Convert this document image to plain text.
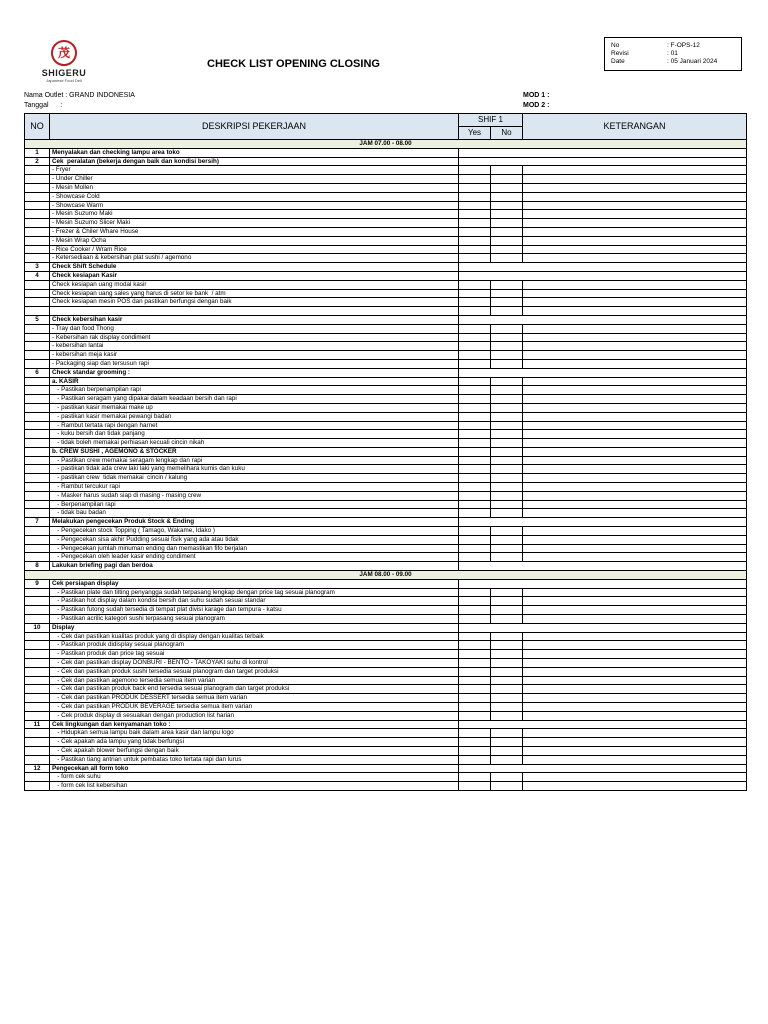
茂
SHIGERU
Japanese Food Deli
CHECK LIST OPENING CLOSING
No	: F-OPS-12
Revisi	: 01
Date	: 05 Januari 2024
Nama Outlet : GRAND INDONESIA
Tanggal      :
MOD 1 :
MOD 2 :
NO	DESKRIPSI PEKERJAAN	SHIF 1		KETERANGAN
		Yes	No	
JAM 07.00 - 08.00				
1	Menyalakan dan checking lampu area toko			
2	Cek  peralatan (bekerja dengan baik dan kondisi bersih)			
	- Fryer			
	- Under Chiller			
	- Mesin Mollen			
	- Showcase Cold			
	- Showcase Warm			
	- Mesin Suzumo Maki			
	- Mesin Suzumo Slicer Maki			
	- Frezer & Chiler Whare House			
	- Mesin Wrap Ocha			
	- Rice Cooker / Wram Rice			
	- Ketersediaan & kebersihan plat sushi / agemono			
3	Check Shift Schedule			
4	Check kesiapan Kasir			
	Check kesiapan uang modal kasir			
	Check kesiapan uang sales yang harus di setor ke bank  / atm			
	Check kesiapan mesin POS dan pastikan berfungsi dengan baik			

5	Check kebersihan kasir			
	- Tray dan food Thong			
	- Kebersihan rak display condiment			
	- kebersihan lantai			
	- kebersihan meja kasir			
	- Packaging siap dan tersusun rapi			
6	Check standar grooming :			
	a. KASIR			
	- Pastikan berpenampilan rapi			
	- Pastikan seragam yang dipakai dalam keadaan bersih dan rapi			
	- pastikan kasir memakai make up			
	- pastikan kasir memakai pewangi badan			
	- Rambut tertata rapi dengan harnet			
	- kuku bersih dan tidak panjang			
	- tidak boleh memakai perhiasan kecuali cincin nikah			
	b. CREW SUSHI , AGEMONO & STOCKER			
	- Pastikan crew memakai seragam lengkap dan rapi			
	- pastikan tidak ada crew laki laki yang memelihara kumis dan kuku			
	- pastikan crew  tidak memakai  cincin / kalung			
	- Rambut tercukur rapi			
	- Masker harus sudah siap di masing - masing crew			
	- Berpenampilan rapi			
	- tidak bau badan			
7	Melakukan pengecekan Produk Stock & Ending			
	- Pengecekan stock Topping ( Tamago, Wakame, Idako )			
	- Pengecekan sisa akhir Pudding sesuai fisik yang ada atau tidak			
	- Pengecekan jumlah minuman ending dan memastikan fifo berjalan			
	- Pengecekan oleh leader kasir ending condiment			
8	Lakukan briefing pagi dan berdoa			
JAM 08.00 - 09.00				
9	Cek persiapan display			
	- Pastikan plate dan tilting penyangga sudah terpasang lengkap dengan price tag sesuai planogram			
	- Pastikan hot display dalam kondisi bersih dan suhu sudah sesuai standar			
	- Pastikan futong sudah tersedia di tempat plat divisi karage dan tempura - katsu			
	- Pastikan acrilic kategori sushi terpasang sesuai planogram			
10	Display			
	- Cek dan pastikan kualitas produk yang di display dengan kualitas terbaik			
	- Pastikan produk didisplay sesuai planogram			
	- Pastikan produk dan price tag sesuai			
	- Cek dan pastikan display DONBURI - BENTO - TAKOYAKI suhu di kontrol			
	- Cek dan pastikan produk sushi tersedia sesuai planogram dan target produksi			
	- Cek dan pastikan agemono tersedia semua item varian			
	- Cek dan pastikan produk back end tersedia sesuai planogram dan target produksi			
	- Cek dan pastikan PRODUK DESSERT tersedia semua item varian			
	- Cek dan pastikan PRODUK BEVERAGE tersedia semua item varian			
	- Cek produk display di sesuaikan dengan production list harian			
11	Cek lingkungan dan kenyamanan toko :			
	- Hidupkan semua lampu baik dalam area kasir dan lampu logo			
	- Cek apakah ada lampu yang tidak berfungsi			
	- Cek apakah blower berfungsi dengan baik			
	- Pastikan tiang antrian untuk pembatas toko tertata rapi dan lurus			
12	Pengecekan all form toko			
	- form cek suhu			
	- form cek list kebersihan			
